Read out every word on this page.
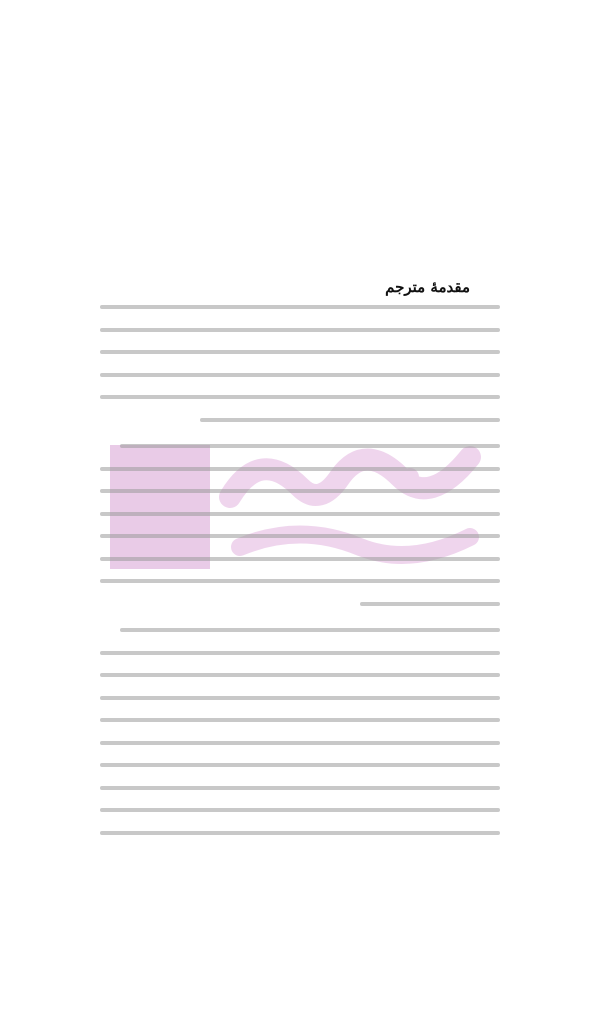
مقدمهٔ مترجم
